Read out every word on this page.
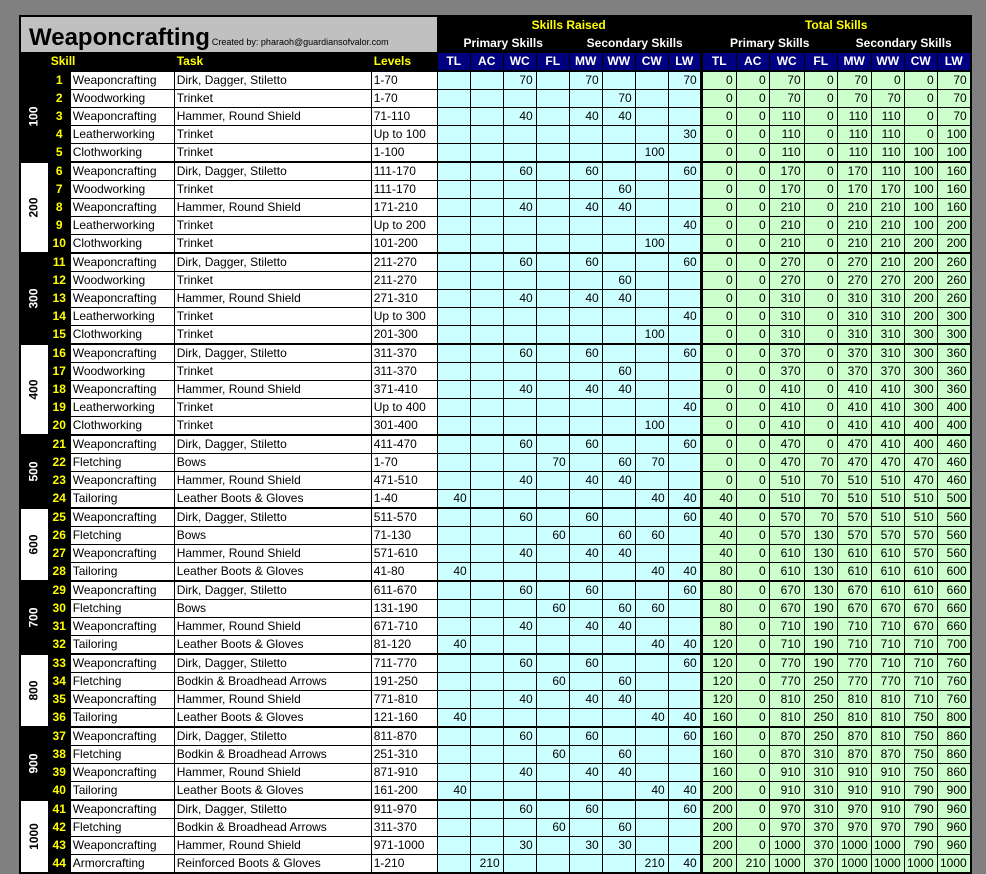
Weaponcrafting Created by: pharaoh@guardiansofvalor.com					Skills Raised								Total Skills							
					Primary Skills				Secondary Skills				Primary Skills				Secondary Skills			
	Skill		Task	Levels	TL	AC	WC	FL	MW	WW	CW	LW	TL	AC	WC	FL	MW	WW	CW	LW
100	1	Weaponcrafting	Dirk, Dagger, Stiletto	1-70			70		70			70	0	0	70	0	70	0	0	70
	2	Woodworking	Trinket	1-70						70			0	0	70	0	70	70	0	70
	3	Weaponcrafting	Hammer, Round Shield	71-110			40		40	40			0	0	110	0	110	110	0	70
	4	Leatherworking	Trinket	Up to 100								30	0	0	110	0	110	110	0	100
	5	Clothworking	Trinket	1-100							100		0	0	110	0	110	110	100	100
200	6	Weaponcrafting	Dirk, Dagger, Stiletto	111-170			60		60			60	0	0	170	0	170	110	100	160
	7	Woodworking	Trinket	111-170						60			0	0	170	0	170	170	100	160
	8	Weaponcrafting	Hammer, Round Shield	171-210			40		40	40			0	0	210	0	210	210	100	160
	9	Leatherworking	Trinket	Up to 200								40	0	0	210	0	210	210	100	200
	10	Clothworking	Trinket	101-200							100		0	0	210	0	210	210	200	200
300	11	Weaponcrafting	Dirk, Dagger, Stiletto	211-270			60		60			60	0	0	270	0	270	210	200	260
	12	Woodworking	Trinket	211-270						60			0	0	270	0	270	270	200	260
	13	Weaponcrafting	Hammer, Round Shield	271-310			40		40	40			0	0	310	0	310	310	200	260
	14	Leatherworking	Trinket	Up to 300								40	0	0	310	0	310	310	200	300
	15	Clothworking	Trinket	201-300							100		0	0	310	0	310	310	300	300
400	16	Weaponcrafting	Dirk, Dagger, Stiletto	311-370			60		60			60	0	0	370	0	370	310	300	360
	17	Woodworking	Trinket	311-370						60			0	0	370	0	370	370	300	360
	18	Weaponcrafting	Hammer, Round Shield	371-410			40		40	40			0	0	410	0	410	410	300	360
	19	Leatherworking	Trinket	Up to 400								40	0	0	410	0	410	410	300	400
	20	Clothworking	Trinket	301-400							100		0	0	410	0	410	410	400	400
500	21	Weaponcrafting	Dirk, Dagger, Stiletto	411-470			60		60			60	0	0	470	0	470	410	400	460
	22	Fletching	Bows	1-70				70		60	70		0	0	470	70	470	470	470	460
	23	Weaponcrafting	Hammer, Round Shield	471-510			40		40	40			0	0	510	70	510	510	470	460
	24	Tailoring	Leather Boots & Gloves	1-40	40						40	40	40	0	510	70	510	510	510	500
600	25	Weaponcrafting	Dirk, Dagger, Stiletto	511-570			60		60			60	40	0	570	70	570	510	510	560
	26	Fletching	Bows	71-130				60		60	60		40	0	570	130	570	570	570	560
	27	Weaponcrafting	Hammer, Round Shield	571-610			40		40	40			40	0	610	130	610	610	570	560
	28	Tailoring	Leather Boots & Gloves	41-80	40						40	40	80	0	610	130	610	610	610	600
700	29	Weaponcrafting	Dirk, Dagger, Stiletto	611-670			60		60			60	80	0	670	130	670	610	610	660
	30	Fletching	Bows	131-190				60		60	60		80	0	670	190	670	670	670	660
	31	Weaponcrafting	Hammer, Round Shield	671-710			40		40	40			80	0	710	190	710	710	670	660
	32	Tailoring	Leather Boots & Gloves	81-120	40						40	40	120	0	710	190	710	710	710	700
800	33	Weaponcrafting	Dirk, Dagger, Stiletto	711-770			60		60			60	120	0	770	190	770	710	710	760
	34	Fletching	Bodkin & Broadhead Arrows	191-250				60		60			120	0	770	250	770	770	710	760
	35	Weaponcrafting	Hammer, Round Shield	771-810			40		40	40			120	0	810	250	810	810	710	760
	36	Tailoring	Leather Boots & Gloves	121-160	40						40	40	160	0	810	250	810	810	750	800
900	37	Weaponcrafting	Dirk, Dagger, Stiletto	811-870			60		60			60	160	0	870	250	870	810	750	860
	38	Fletching	Bodkin & Broadhead Arrows	251-310				60		60			160	0	870	310	870	870	750	860
	39	Weaponcrafting	Hammer, Round Shield	871-910			40		40	40			160	0	910	310	910	910	750	860
	40	Tailoring	Leather Boots & Gloves	161-200	40						40	40	200	0	910	310	910	910	790	900
1000	41	Weaponcrafting	Dirk, Dagger, Stiletto	911-970			60		60			60	200	0	970	310	970	910	790	960
	42	Fletching	Bodkin & Broadhead Arrows	311-370				60		60			200	0	970	370	970	970	790	960
	43	Weaponcrafting	Hammer, Round Shield	971-1000			30		30	30			200	0	1000	370	1000	1000	790	960
	44	Armorcrafting	Reinforced Boots & Gloves	1-210		210					210	40	200	210	1000	370	1000	1000	1000	1000
